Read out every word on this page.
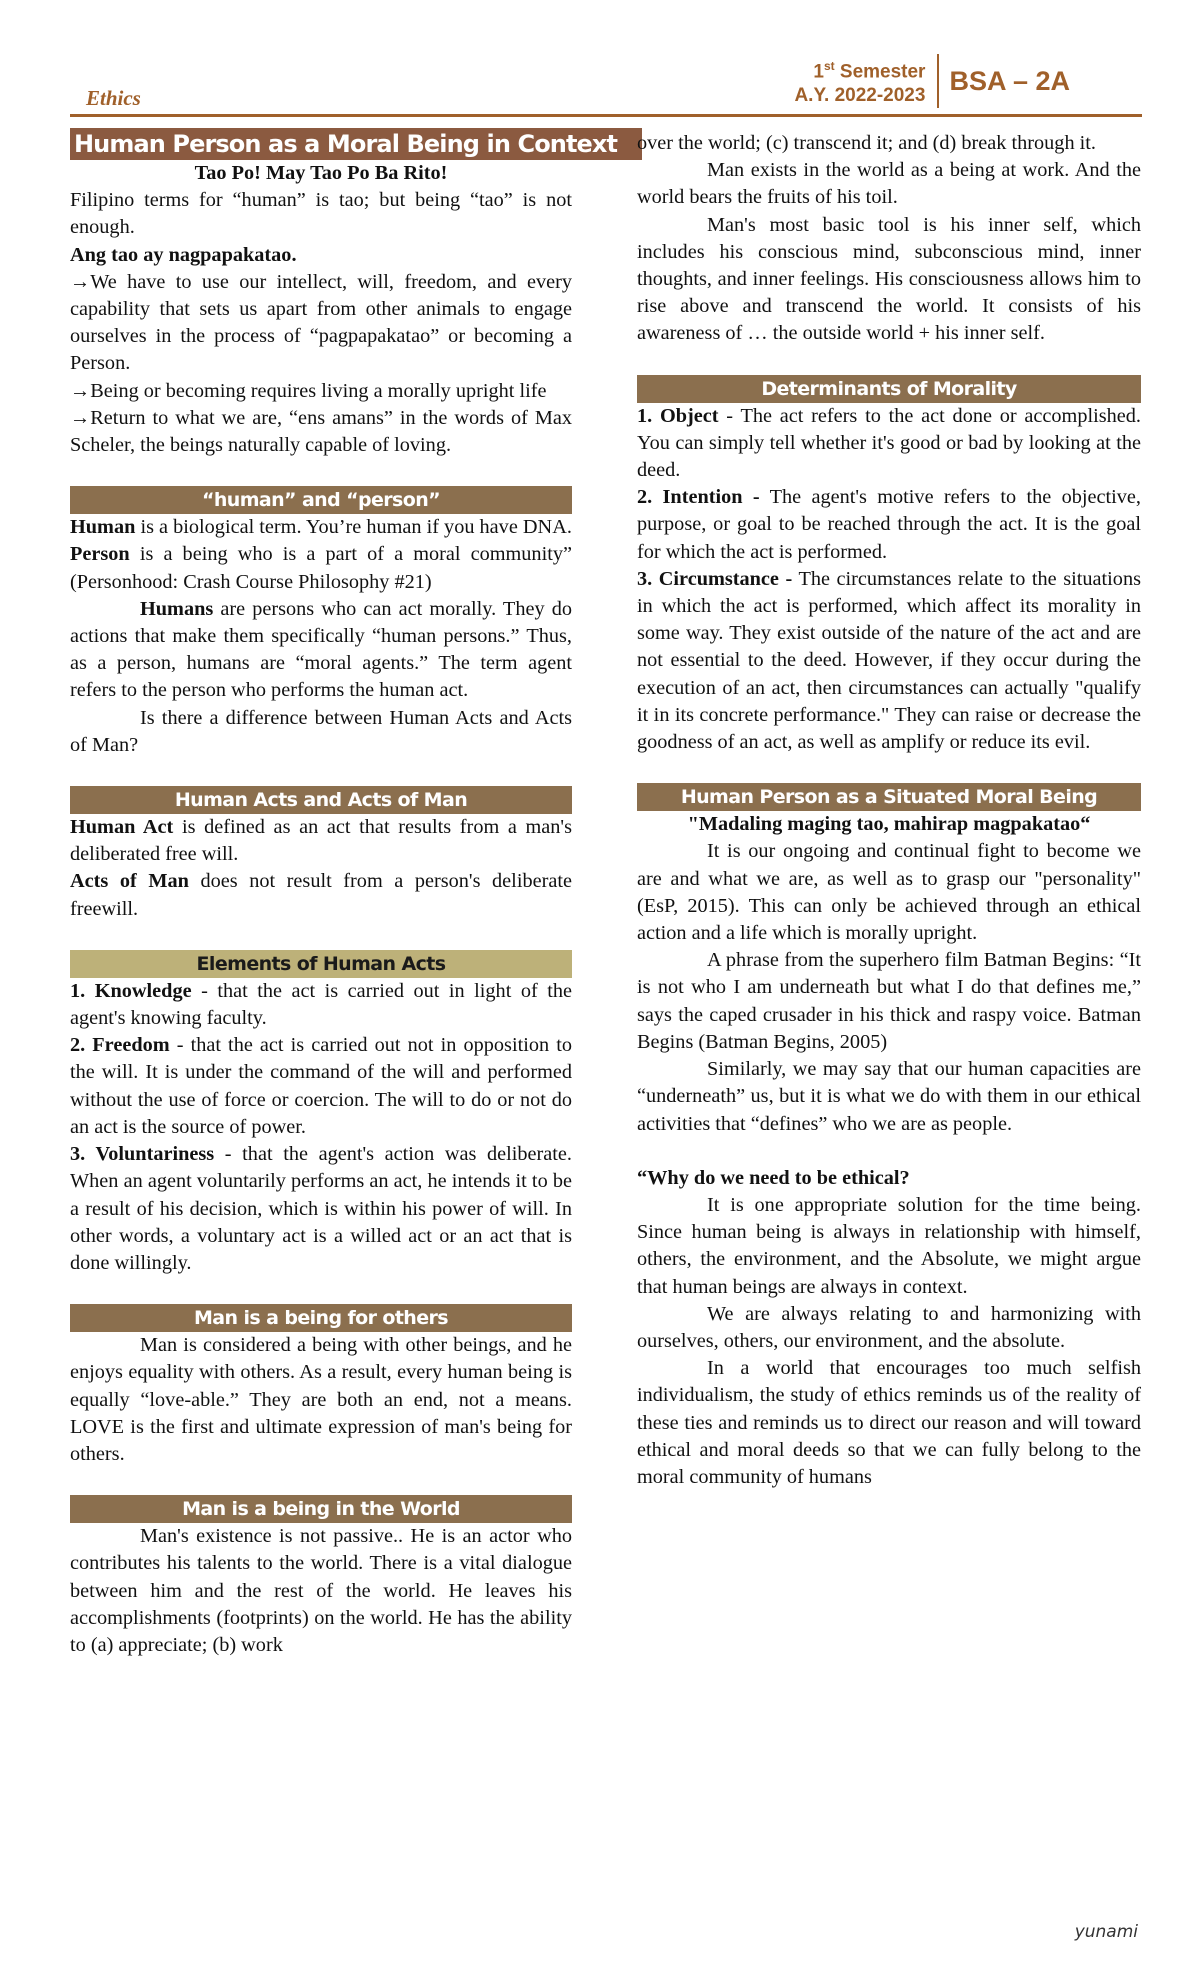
Ethics
1st Semester
A.Y. 2022-2023
BSA – 2A
Human Person as a Moral Being in Context

Tao Po! May Tao Po Ba Rito!

Filipino terms for “human” is tao; but being “tao” is not enough.

Ang tao ay nagpapakatao.

→We have to use our intellect, will, freedom, and every capability that sets us apart from other animals to engage ourselves in the process of “pagpapakatao” or becoming a Person.

→Being or becoming requires living a morally upright life

→Return to what we are, “ens amans” in the words of Max Scheler, the beings naturally capable of loving.

“human” and “person”

Human is a biological term. You’re human if you have DNA.

Person is a being who is a part of a moral community” (Personhood: Crash Course Philosophy #21)

Humans are persons who can act morally. They do actions that make them specifically “human persons.” Thus, as a person, humans are “moral agents.” The term agent refers to the person who performs the human act.

Is there a difference between Human Acts and Acts of Man?

Human Acts and Acts of Man

Human Act is defined as an act that results from a man's deliberated free will.

Acts of Man does not result from a person's deliberate freewill.

Elements of Human Acts

1. Knowledge - that the act is carried out in light of the agent's knowing faculty.

2. Freedom - that the act is carried out not in opposition to the will. It is under the command of the will and performed without the use of force or coercion. The will to do or not do an act is the source of power.

3. Voluntariness - that the agent's action was deliberate. When an agent voluntarily performs an act, he intends it to be a result of his decision, which is within his power of will. In other words, a voluntary act is a willed act or an act that is done willingly.

Man is a being for others

Man is considered a being with other beings, and he enjoys equality with others. As a result, every human being is equally “love-able.” They are both an end, not a means. LOVE is the first and ultimate expression of man's being for others.

Man is a being in the World

Man's existence is not passive.. He is an actor who contributes his talents to the world. There is a vital dialogue between him and the rest of the world. He leaves his accomplishments (footprints) on the world. He has the ability to (a) appreciate; (b) work

over the world; (c) transcend it; and (d) break through it.

Man exists in the world as a being at work. And the world bears the fruits of his toil.

Man's most basic tool is his inner self, which includes his conscious mind, subconscious mind, inner thoughts, and inner feelings. His consciousness allows him to rise above and transcend the world. It consists of his awareness of … the outside world + his inner self.

Determinants of Morality

1. Object - The act refers to the act done or accomplished. You can simply tell whether it's good or bad by looking at the deed.

2. Intention - The agent's motive refers to the objective, purpose, or goal to be reached through the act. It is the goal for which the act is performed.

3. Circumstance - The circumstances relate to the situations in which the act is performed, which affect its morality in some way. They exist outside of the nature of the act and are not essential to the deed. However, if they occur during the execution of an act, then circumstances can actually "qualify it in its concrete performance." They can raise or decrease the goodness of an act, as well as amplify or reduce its evil.

Human Person as a Situated Moral Being

"Madaling maging tao, mahirap magpakatao“

It is our ongoing and continual fight to become we are and what we are, as well as to grasp our "personality" (EsP, 2015). This can only be achieved through an ethical action and a life which is morally upright.

A phrase from the superhero film Batman Begins: “It is not who I am underneath but what I do that defines me,” says the caped crusader in his thick and raspy voice. Batman Begins (Batman Begins, 2005)

Similarly, we may say that our human capacities are “underneath” us, but it is what we do with them in our ethical activities that “defines” who we are as people.

“Why do we need to be ethical?

It is one appropriate solution for the time being. Since human being is always in relationship with himself, others, the environment, and the Absolute, we might argue that human beings are always in context.

We are always relating to and harmonizing with ourselves, others, our environment, and the absolute.

In a world that encourages too much selfish individualism, the study of ethics reminds us of the reality of these ties and reminds us to direct our reason and will toward ethical and moral deeds so that we can fully belong to the moral community of humans

yunami
